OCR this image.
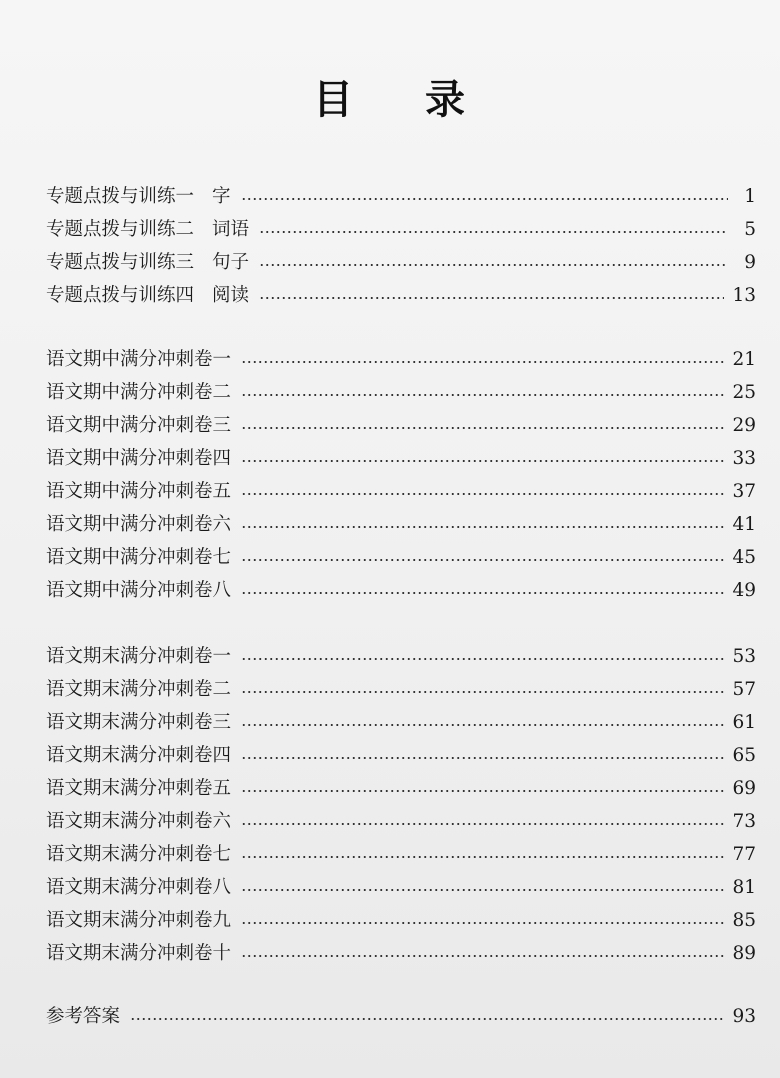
目 录
专题点拨与训练一 字	1
专题点拨与训练二 词语	5
专题点拨与训练三 句子	9
专题点拨与训练四 阅读	13
语文期中满分冲刺卷一	21
语文期中满分冲刺卷二	25
语文期中满分冲刺卷三	29
语文期中满分冲刺卷四	33
语文期中满分冲刺卷五	37
语文期中满分冲刺卷六	41
语文期中满分冲刺卷七	45
语文期中满分冲刺卷八	49
语文期末满分冲刺卷一	53
语文期末满分冲刺卷二	57
语文期末满分冲刺卷三	61
语文期末满分冲刺卷四	65
语文期末满分冲刺卷五	69
语文期末满分冲刺卷六	73
语文期末满分冲刺卷七	77
语文期末满分冲刺卷八	81
语文期末满分冲刺卷九	85
语文期末满分冲刺卷十	89
参考答案	93
